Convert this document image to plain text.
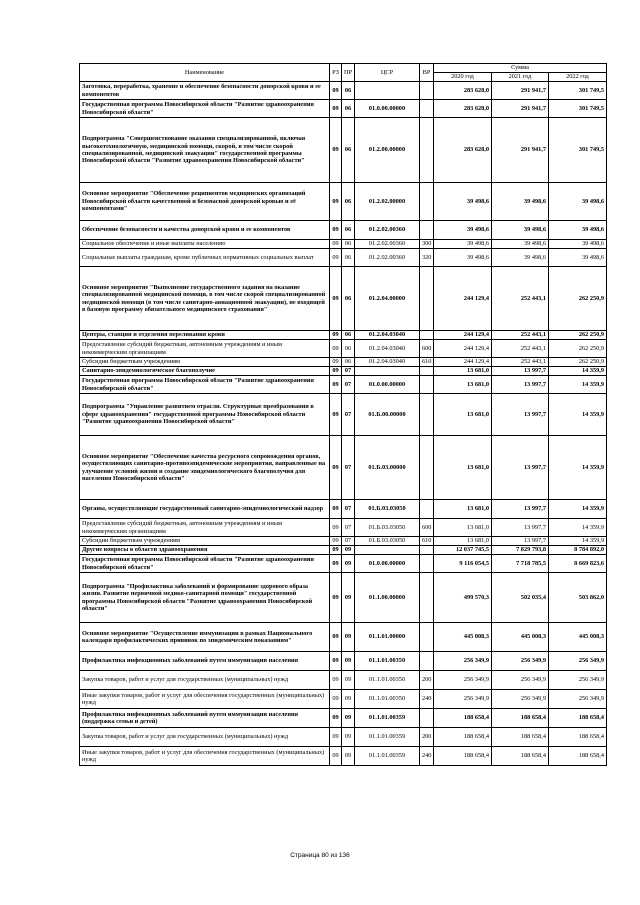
Наименование	РЗ	ПР	ЦСР	ВР	Сумма		
					2020 год	2021 год	2022 год
Заготовка, переработка, хранение и обеспечение безопасности донорской крови и ее компонентов	09	06			283 628,0	291 941,7	301 749,5
Государственная программа Новосибирской области "Развитие здравоохранения Новосибирской области"	09	06	01.0.00.00000		283 628,0	291 941,7	301 749,5
Подпрограмма "Совершенствование оказания специализированной, включая высокотехнологичную, медицинской помощи, скорой, в том числе скорой специализированной, медицинской эвакуации" государственной программы Новосибирской области "Развитие здравоохранения Новосибирской области"	09	06	01.2.00.00000		283 628,0	291 941,7	301 749,5
Основное мероприятие "Обеспечение реципиентов медицинских организаций Новосибирской области качественной и безопасной донорской кровью и её компонентами"	09	06	01.2.02.00000		39 498,6	39 498,6	39 498,6
Обеспечение безопасности и качества донорской крови и ее компонентов	09	06	01.2.02.00360		39 498,6	39 498,6	39 498,6
Социальное обеспечение и иные выплаты населению	09	06	01.2.02.00360	300	39 498,6	39 498,6	39 498,6
Социальные выплаты гражданам, кроме публичных нормативных социальных выплат	09	06	01.2.02.00360	320	39 498,6	39 498,6	39 498,6
Основное мероприятие "Выполнение государственного задания на оказание специализированной медицинской помощи, в том числе скорой специализированной медицинской помощи (в том числе санитарно-авиационной эвакуации), не входящей в базовую программу обязательного медицинского страхования"	09	06	01.2.04.00000		244 129,4	252 443,1	262 250,9
Центры, станции и отделения переливания крови	09	06	01.2.04.03040		244 129,4	252 443,1	262 250,9
Предоставление субсидий бюджетным, автономным учреждениям и иным некоммерческим организациям	09	06	01.2.04.03040	600	244 129,4	252 443,1	262 250,9
Субсидии бюджетным учреждениям	09	06	01.2.04.03040	610	244 129,4	252 443,1	262 250,9
Санитарно-эпидемиологическое благополучие	09	07			13 681,0	13 997,7	14 359,9
Государственная программа Новосибирской области "Развитие здравоохранения Новосибирской области"	09	07	01.0.00.00000		13 681,0	13 997,7	14 359,9
Подпрограмма "Управление развитием отрасли. Структурные преобразования в сфере здравоохранения" государственной программы Новосибирской области "Развитие здравоохранения Новосибирской области"	09	07	01.Б.00.00000		13 681,0	13 997,7	14 359,9
Основное мероприятие "Обеспечение качества ресурсного сопровождения органов, осуществляющих санитарно-противоэпидемические мероприятия, направленные на улучшение условий жизни и создание эпидемиологического благополучия для населения Новосибирской области"	09	07	01.Б.03.00000		13 681,0	13 997,7	14 359,9
Органы, осуществляющие государственный санитарно-эпидемиологический надзор	09	07	01.Б.03.03050		13 681,0	13 997,7	14 359,9
Предоставление субсидий бюджетным, автономным учреждениям и иным некоммерческим организациям	09	07	01.Б.03.03050	600	13 681,0	13 997,7	14 359,9
Субсидии бюджетным учреждениям	09	07	01.Б.03.03050	610	13 681,0	13 997,7	14 359,9
Другие вопросы в области здравоохранения	09	09			12 037 745,5	7 829 793,8	8 784 892,0
Государственная программа Новосибирской области "Развитие здравоохранения Новосибирской области"	09	09	01.0.00.00000		9 116 054,5	7 718 785,5	8 669 823,6
Подпрограмма "Профилактика заболеваний и формирование здорового образа жизни. Развитие первичной медико-санитарной помощи" государственной программы Новосибирской области "Развитие здравоохранения Новосибирской области"	09	09	01.1.00.00000		499 570,3	502 035,4	503 862,0
Основное мероприятие "Осуществление иммунизации в рамках Национального календаря профилактических прививок по эпидемическим показаниям"	09	09	01.1.01.00000		445 008,3	445 008,3	445 008,3
Профилактика инфекционных заболеваний путем иммунизации населения	09	09	01.1.01.00350		256 349,9	256 349,9	256 349,9
Закупка товаров, работ и услуг для государственных (муниципальных) нужд	09	09	01.1.01.00350	200	256 349,9	256 349,9	256 349,9
Иные закупки товаров, работ и услуг для обеспечения государственных (муниципальных) нужд	09	09	01.1.01.00350	240	256 349,9	256 349,9	256 349,9
Профилактика инфекционных заболеваний путем иммунизации населения (поддержка семьи и детей)	09	09	01.1.01.00359		188 658,4	188 658,4	188 658,4
Закупка товаров, работ и услуг для государственных (муниципальных) нужд	09	09	01.1.01.00359	200	188 658,4	188 658,4	188 658,4
Иные закупки товаров, работ и услуг для обеспечения государственных (муниципальных) нужд	09	09	01.1.01.00359	240	188 658,4	188 658,4	188 658,4
Страница 80 из 136
